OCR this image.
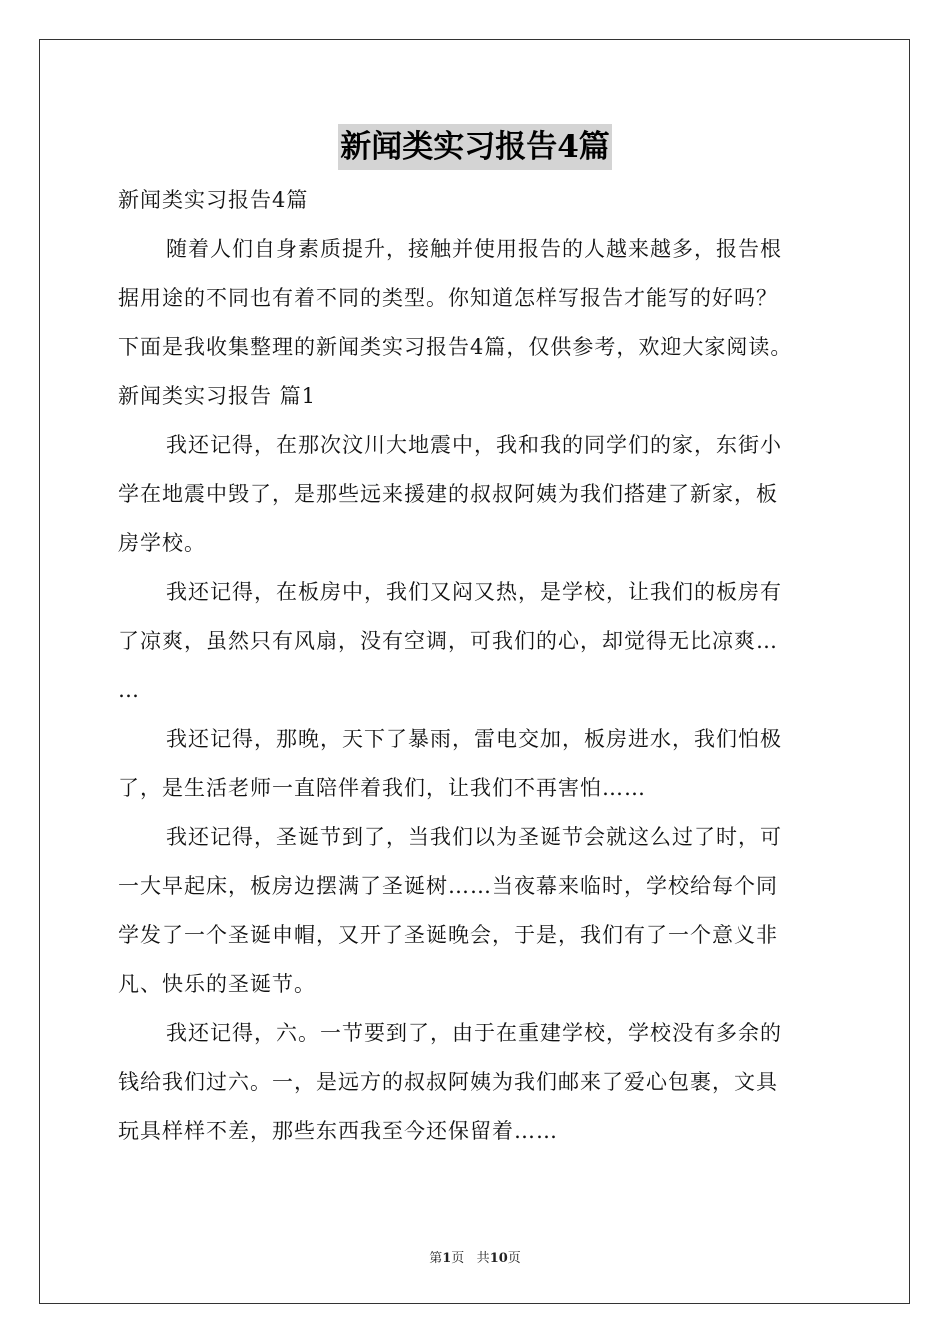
新闻类实习报告4篇
新闻类实习报告4篇
随着人们自身素质提升，接触并使用报告的人越来越多，报告根
据用途的不同也有着不同的类型。你知道怎样写报告才能写的好吗？
下面是我收集整理的新闻类实习报告4篇，仅供参考，欢迎大家阅读。
新闻类实习报告 篇1
我还记得，在那次汶川大地震中，我和我的同学们的家，东街小
学在地震中毁了，是那些远来援建的叔叔阿姨为我们搭建了新家，板
房学校。
我还记得，在板房中，我们又闷又热，是学校，让我们的板房有
了凉爽，虽然只有风扇，没有空调，可我们的心，却觉得无比凉爽…
…
我还记得，那晚，天下了暴雨，雷电交加，板房进水，我们怕极
了，是生活老师一直陪伴着我们，让我们不再害怕……
我还记得，圣诞节到了，当我们以为圣诞节会就这么过了时，可
一大早起床，板房边摆满了圣诞树……当夜幕来临时，学校给每个同
学发了一个圣诞申帽，又开了圣诞晚会，于是，我们有了一个意义非
凡、快乐的圣诞节。
我还记得，六。一节要到了，由于在重建学校，学校没有多余的
钱给我们过六。一，是远方的叔叔阿姨为我们邮来了爱心包裹，文具
玩具样样不差，那些东西我至今还保留着……
第1页 共10页
